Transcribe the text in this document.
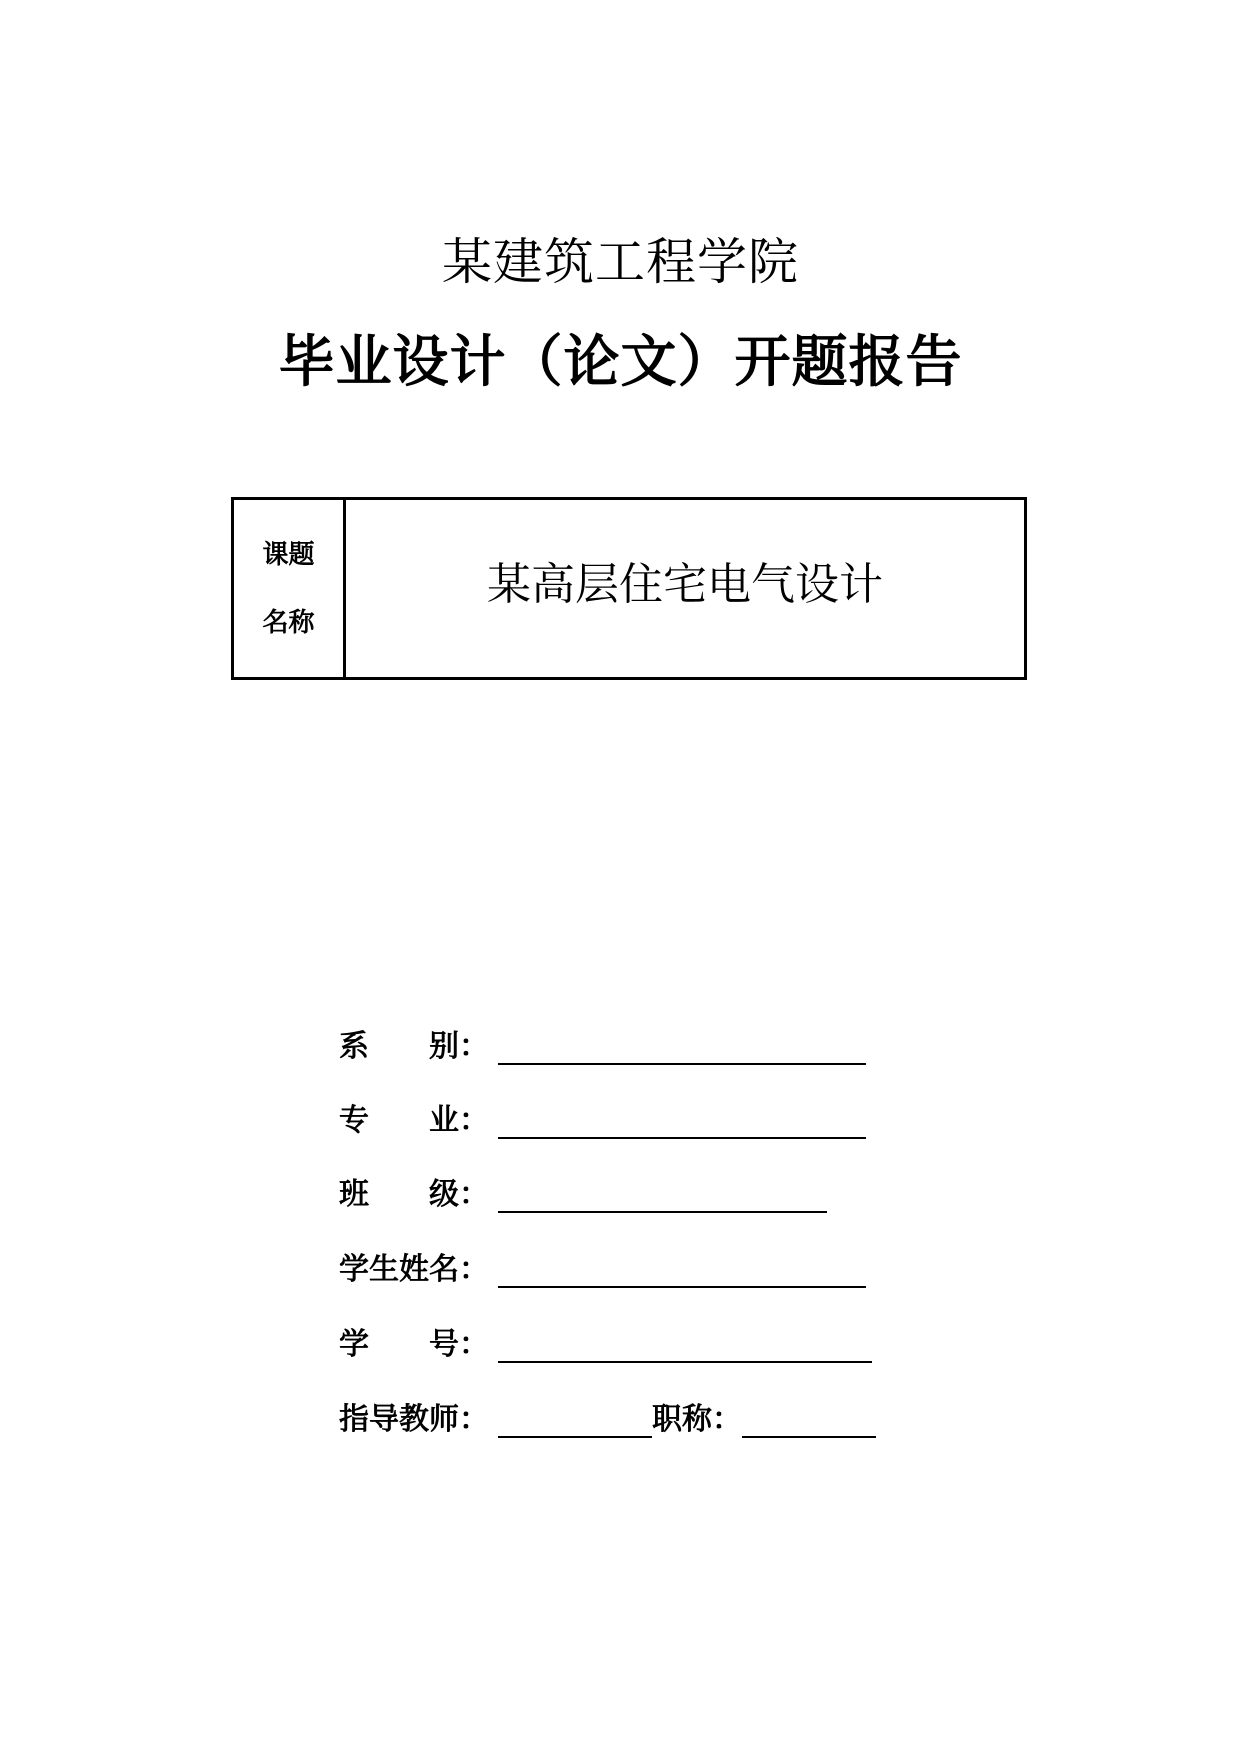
某建筑工程学院
毕业设计（论文）开题报告
课题
名称
某高层住宅电气设计
系　　别：
专　　业：
班　　级：
学生姓名：
学　　号：
指导教师：	职称：
